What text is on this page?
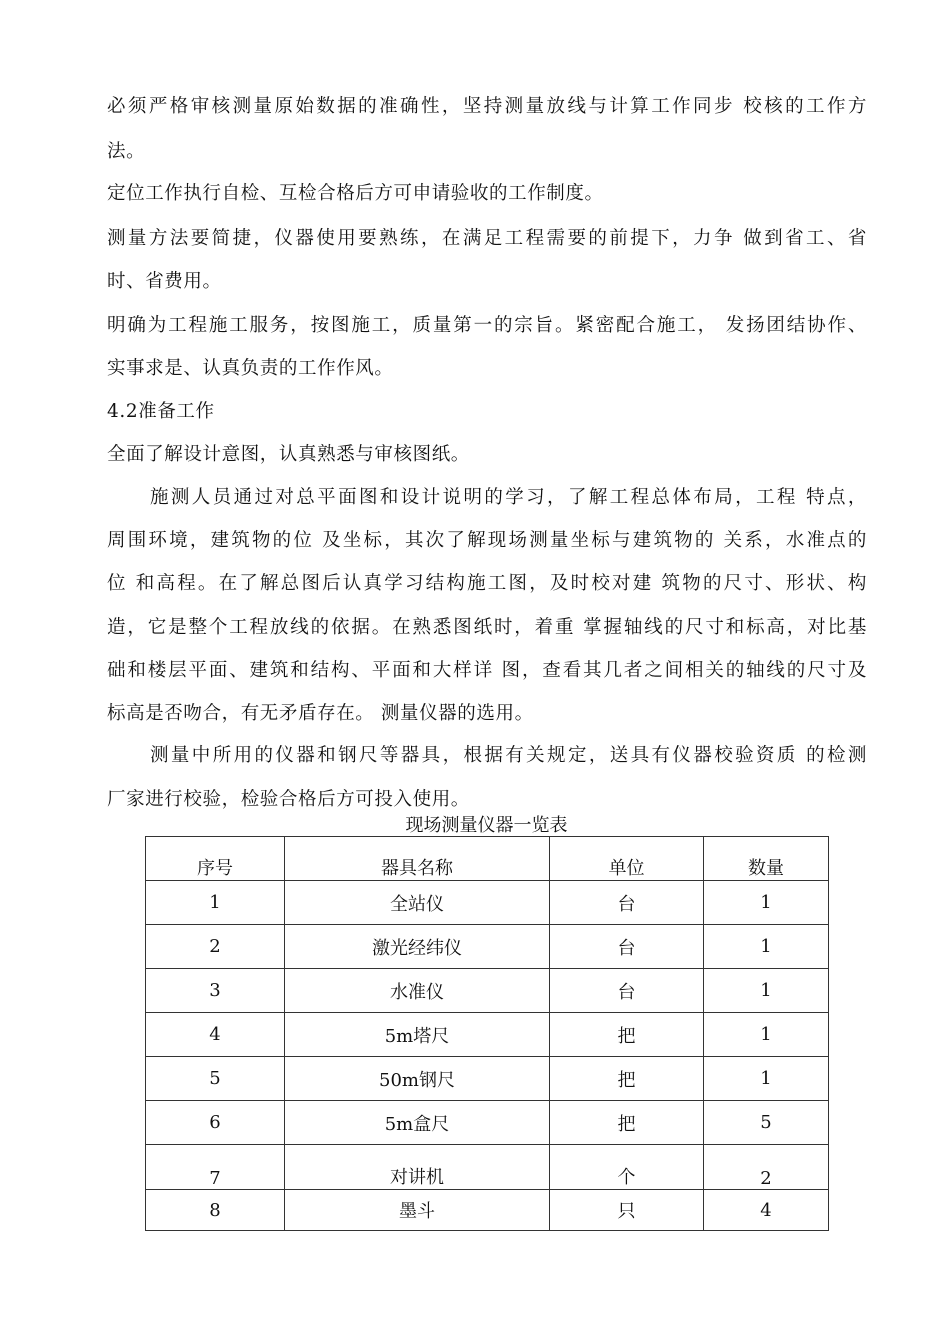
必须严格审核测量原始数据的准确性，坚持测量放线与计算工作同步 校核的工作方
法。
定位工作执行自检、互检合格后方可申请验收的工作制度。
测量方法要简捷，仪器使用要熟练，在满足工程需要的前提下，力争 做到省工、省
时、省费用。
明确为工程施工服务，按图施工，质量第一的宗旨。紧密配合施工， 发扬团结协作、
实事求是、认真负责的工作作风。
4.2准备工作
全面了解设计意图，认真熟悉与审核图纸。
施测人员通过对总平面图和设计说明的学习，了解工程总体布局，工程 特点，
周围环境，建筑物的位 及坐标，其次了解现场测量坐标与建筑物的 关系，水准点的
位 和高程。在了解总图后认真学习结构施工图，及时校对建 筑物的尺寸、形状、构
造，它是整个工程放线的依据。在熟悉图纸时，着重 掌握轴线的尺寸和标高，对比基
础和楼层平面、建筑和结构、平面和大样详 图，查看其几者之间相关的轴线的尺寸及
标高是否吻合，有无矛盾存在。 测量仪器的选用。
测量中所用的仪器和钢尺等器具，根据有关规定，送具有仪器校验资质 的检测
厂家进行校验，检验合格后方可投入使用。
现场测量仪器一览表
序号	器具名称	单位	数量
1	全站仪	台	1
2	激光经纬仪	台	1
3	水准仪	台	1
4	5m塔尺	把	1
5	50m钢尺	把	1
6	5m盒尺	把	5
7	对讲机	个	2
8	墨斗	只	4
